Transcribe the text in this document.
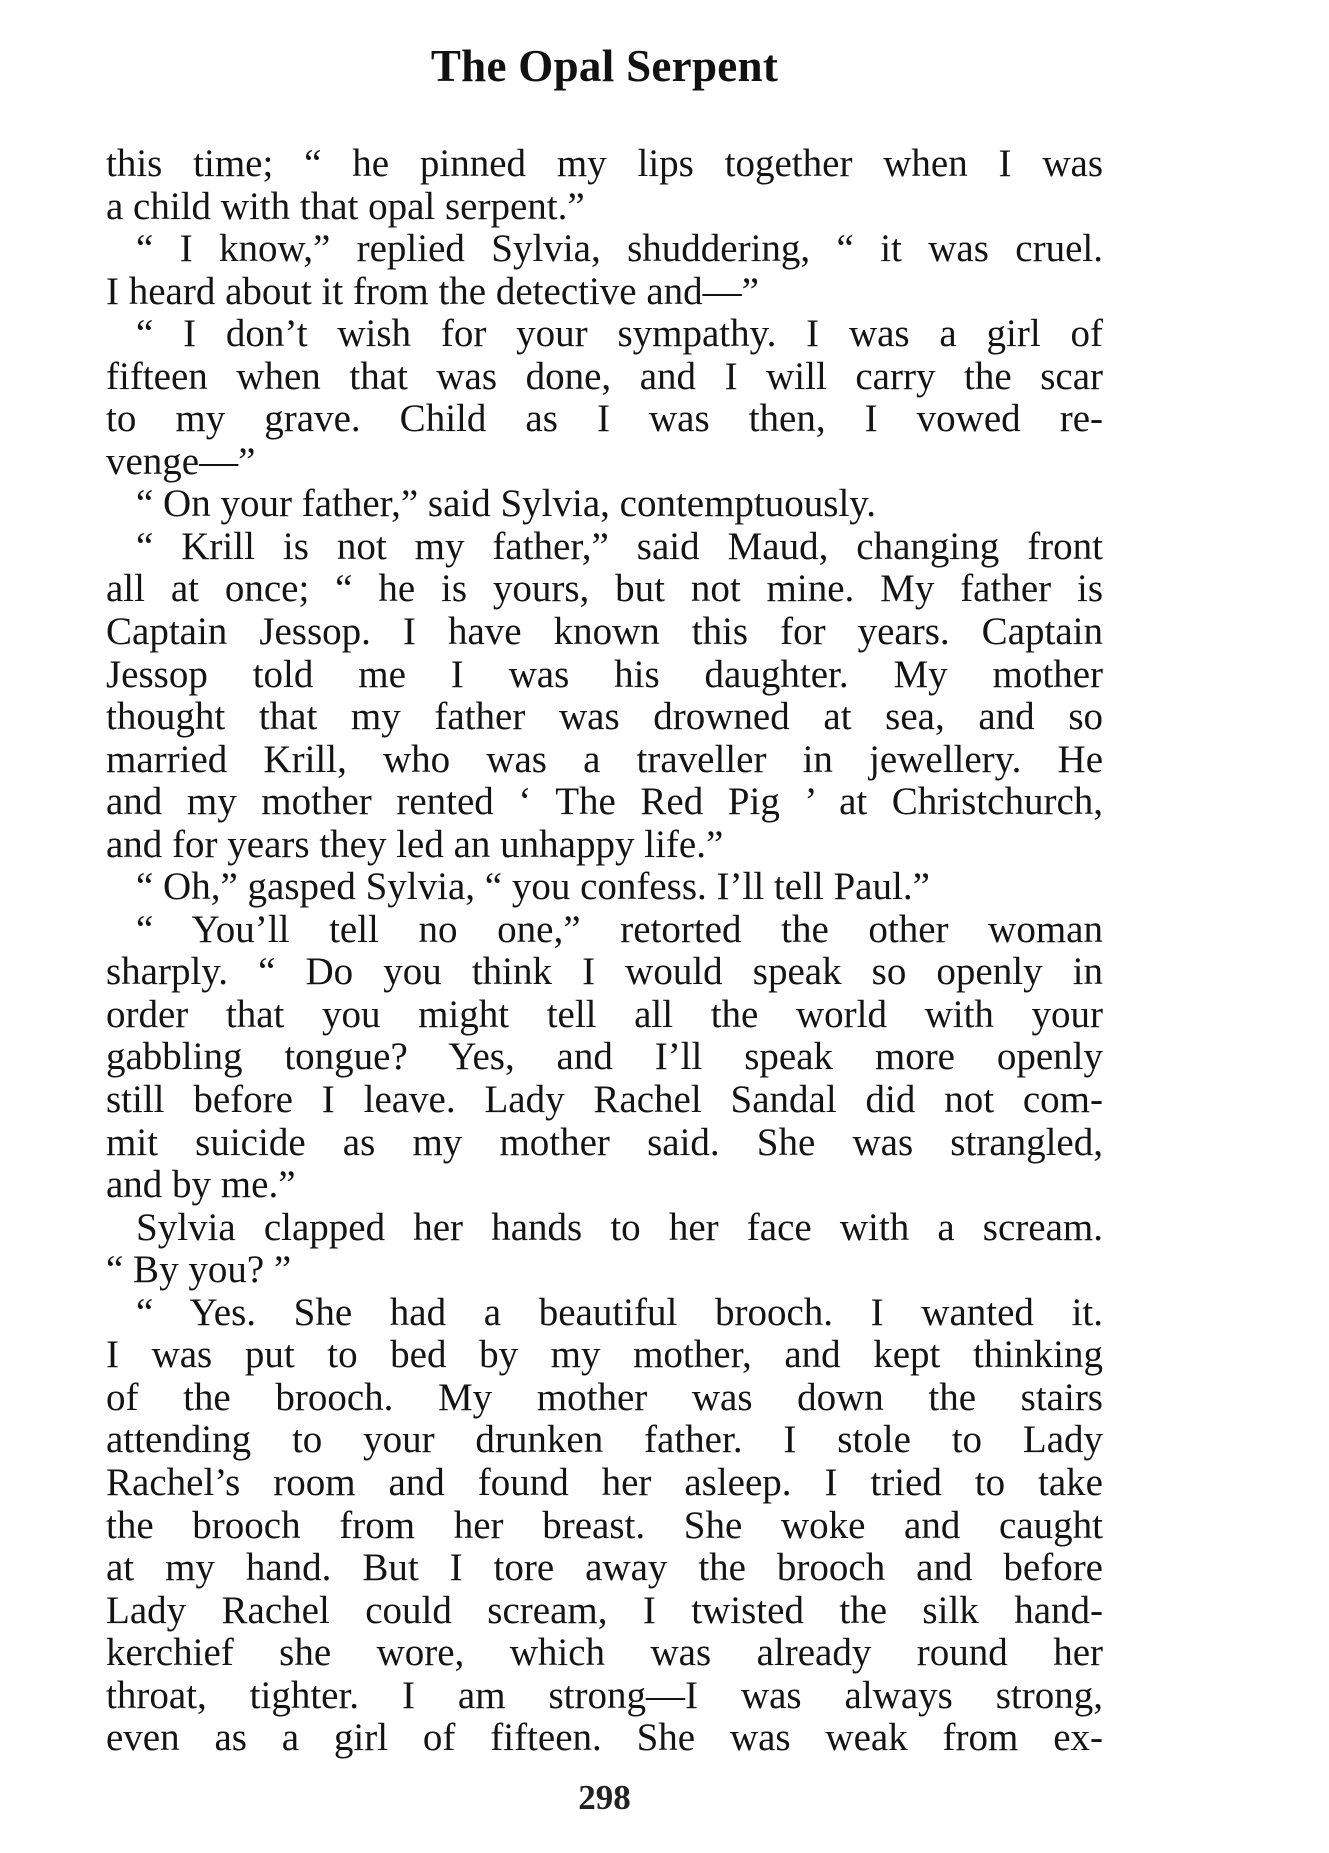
The Opal Serpent
this time; “ he pinned my lips together when I was
a child with that opal serpent.”
“ I know,” replied Sylvia, shuddering, “ it was cruel.
I heard about it from the detective and—”
“ I don’t wish for your sympathy. I was a girl of
fifteen when that was done, and I will carry the scar
to my grave. Child as I was then, I vowed re-
venge—”
“ On your father,” said Sylvia, contemptuously.
“ Krill is not my father,” said Maud, changing front
all at once; “ he is yours, but not mine. My father is
Captain Jessop. I have known this for years. Captain
Jessop told me I was his daughter. My mother
thought that my father was drowned at sea, and so
married Krill, who was a traveller in jewellery. He
and my mother rented ‘ The Red Pig ’ at Christchurch,
and for years they led an unhappy life.”
“ Oh,” gasped Sylvia, “ you confess. I’ll tell Paul.”
“ You’ll tell no one,” retorted the other woman
sharply. “ Do you think I would speak so openly in
order that you might tell all the world with your
gabbling tongue? Yes, and I’ll speak more openly
still before I leave. Lady Rachel Sandal did not com-
mit suicide as my mother said. She was strangled,
and by me.”
Sylvia clapped her hands to her face with a scream.
“ By you? ”
“ Yes. She had a beautiful brooch. I wanted it.
I was put to bed by my mother, and kept thinking
of the brooch. My mother was down the stairs
attending to your drunken father. I stole to Lady
Rachel’s room and found her asleep. I tried to take
the brooch from her breast. She woke and caught
at my hand. But I tore away the brooch and before
Lady Rachel could scream, I twisted the silk hand-
kerchief she wore, which was already round her
throat, tighter. I am strong—I was always strong,
even as a girl of fifteen. She was weak from ex-
298
